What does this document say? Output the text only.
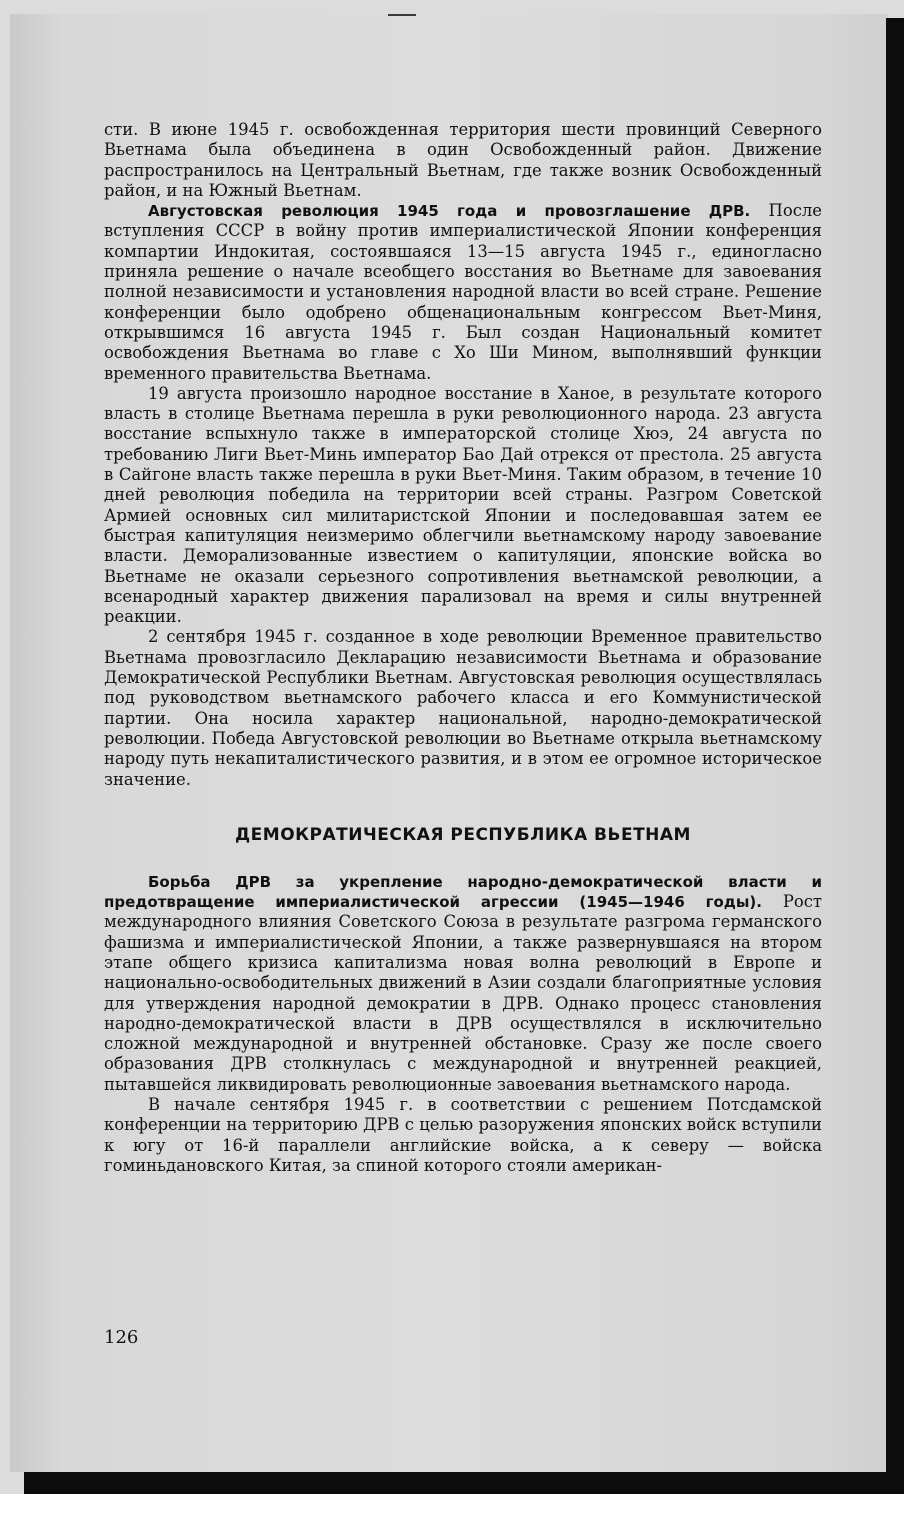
сти. В июне 1945 г. освобожденная территория шести провинций Северного Вьетнама была объединена в один Освобожденный район. Движение распространилось на Центральный Вьетнам, где также возник Освобожденный район, и на Южный Вьетнам.

Августовская революция 1945 года и провозглашение ДРВ. После вступления СССР в войну против империалистической Японии конференция компартии Индокитая, состоявшаяся 13—15 августа 1945 г., единогласно приняла решение о начале всеобщего восстания во Вьетнаме для завоевания полной независимости и установления народной власти во всей стране. Решение конференции было одобрено общенациональным конгрессом Вьет-Миня, открывшимся 16 августа 1945 г. Был создан Национальный комитет освобождения Вьетнама во главе с Хо Ши Мином, выполнявший функции временного правительства Вьетнама.

19 августа произошло народное восстание в Ханое, в результате которого власть в столице Вьетнама перешла в руки революционного народа. 23 августа восстание вспыхнуло также в императорской столице Хюэ, 24 августа по требованию Лиги Вьет-Минь император Бао Дай отрекся от престола. 25 августа в Сайгоне власть также перешла в руки Вьет-Миня. Таким образом, в течение 10 дней революция победила на территории всей страны. Разгром Советской Армией основных сил милитаристской Японии и последовавшая затем ее быстрая капитуляция неизмеримо облегчили вьетнамскому народу завоевание власти. Деморализованные известием о капитуляции, японские войска во Вьетнаме не оказали серьезного сопротивления вьетнамской революции, а всенародный характер движения парализовал на время и силы внутренней реакции.

2 сентября 1945 г. созданное в ходе революции Временное правительство Вьетнама провозгласило Декларацию независимости Вьетнама и образование Демократической Республики Вьетнам. Августовская революция осуществлялась под руководством вьетнамского рабочего класса и его Коммунистической партии. Она носила характер национальной, народно-демократической революции. Победа Августовской революции во Вьетнаме открыла вьетнамскому народу путь некапиталистического развития, и в этом ее огромное историческое значение.

ДЕМОКРАТИЧЕСКАЯ РЕСПУБЛИКА ВЬЕТНАМ

Борьба ДРВ за укрепление народно-демократической власти и предотвращение империалистической агрессии (1945—1946 годы). Рост международного влияния Советского Союза в результате разгрома германского фашизма и империалистической Японии, а также развернувшаяся на втором этапе общего кризиса капитализма новая волна революций в Европе и национально-освободительных движений в Азии создали благоприятные условия для утверждения народной демократии в ДРВ. Однако процесс становления народно-демократической власти в ДРВ осуществлялся в исключительно сложной международной и внутренней обстановке. Сразу же после своего образования ДРВ столкнулась с международной и внутренней реакцией, пытавшейся ликвидировать революционные завоевания вьетнамского народа.

В начале сентября 1945 г. в соответствии с решением Потсдамской конференции на территорию ДРВ с целью разоружения японских войск вступили к югу от 16-й параллели английские войска, а к северу — войска гоминьдановского Китая, за спиной которого стояли американ-

126
